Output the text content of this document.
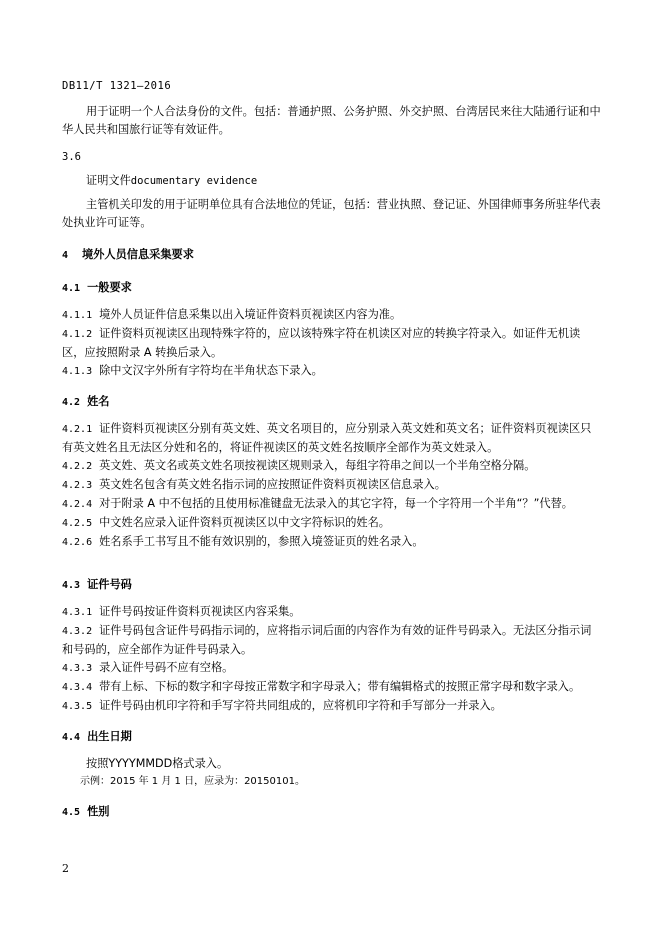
DB11/T 1321—2016

用于证明一个人合法身份的文件。包括：普通护照、公务护照、外交护照、台湾居民来往大陆通行证和中华人民共和国旅行证等有效证件。

3.6

证明文件documentary evidence

主管机关印发的用于证明单位具有合法地位的凭证，包括：营业执照、登记证、外国律师事务所驻华代表处执业许可证等。

4 境外人员信息采集要求

4.1 一般要求

4.1.1 境外人员证件信息采集以出入境证件资料页视读区内容为准。

4.1.2 证件资料页视读区出现特殊字符的，应以该特殊字符在机读区对应的转换字符录入。如证件无机读区，应按照附录 A 转换后录入。

4.1.3 除中文汉字外所有字符均在半角状态下录入。

4.2 姓名

4.2.1 证件资料页视读区分别有英文姓、英文名项目的，应分别录入英文姓和英文名；证件资料页视读区只有英文姓名且无法区分姓和名的，将证件视读区的英文姓名按顺序全部作为英文姓录入。

4.2.2 英文姓、英文名或英文姓名项按视读区规则录入，每组字符串之间以一个半角空格分隔。

4.2.3 英文姓名包含有英文姓名指示词的应按照证件资料页视读区信息录入。

4.2.4 对于附录 A 中不包括的且使用标准键盘无法录入的其它字符，每一个字符用一个半角“？”代替。

4.2.5 中文姓名应录入证件资料页视读区以中文字符标识的姓名。

4.2.6 姓名系手工书写且不能有效识别的，参照入境签证页的姓名录入。

4.3 证件号码

4.3.1 证件号码按证件资料页视读区内容采集。

4.3.2 证件号码包含证件号码指示词的，应将指示词后面的内容作为有效的证件号码录入。无法区分指示词和号码的，应全部作为证件号码录入。

4.3.3 录入证件号码不应有空格。

4.3.4 带有上标、下标的数字和字母按正常数字和字母录入；带有编辑格式的按照正常字母和数字录入。

4.3.5 证件号码由机印字符和手写字符共同组成的，应将机印字符和手写部分一并录入。

4.4 出生日期

按照YYYYMMDD格式录入。

示例：2015 年 1 月 1 日，应录为：20150101。

4.5 性别

2
